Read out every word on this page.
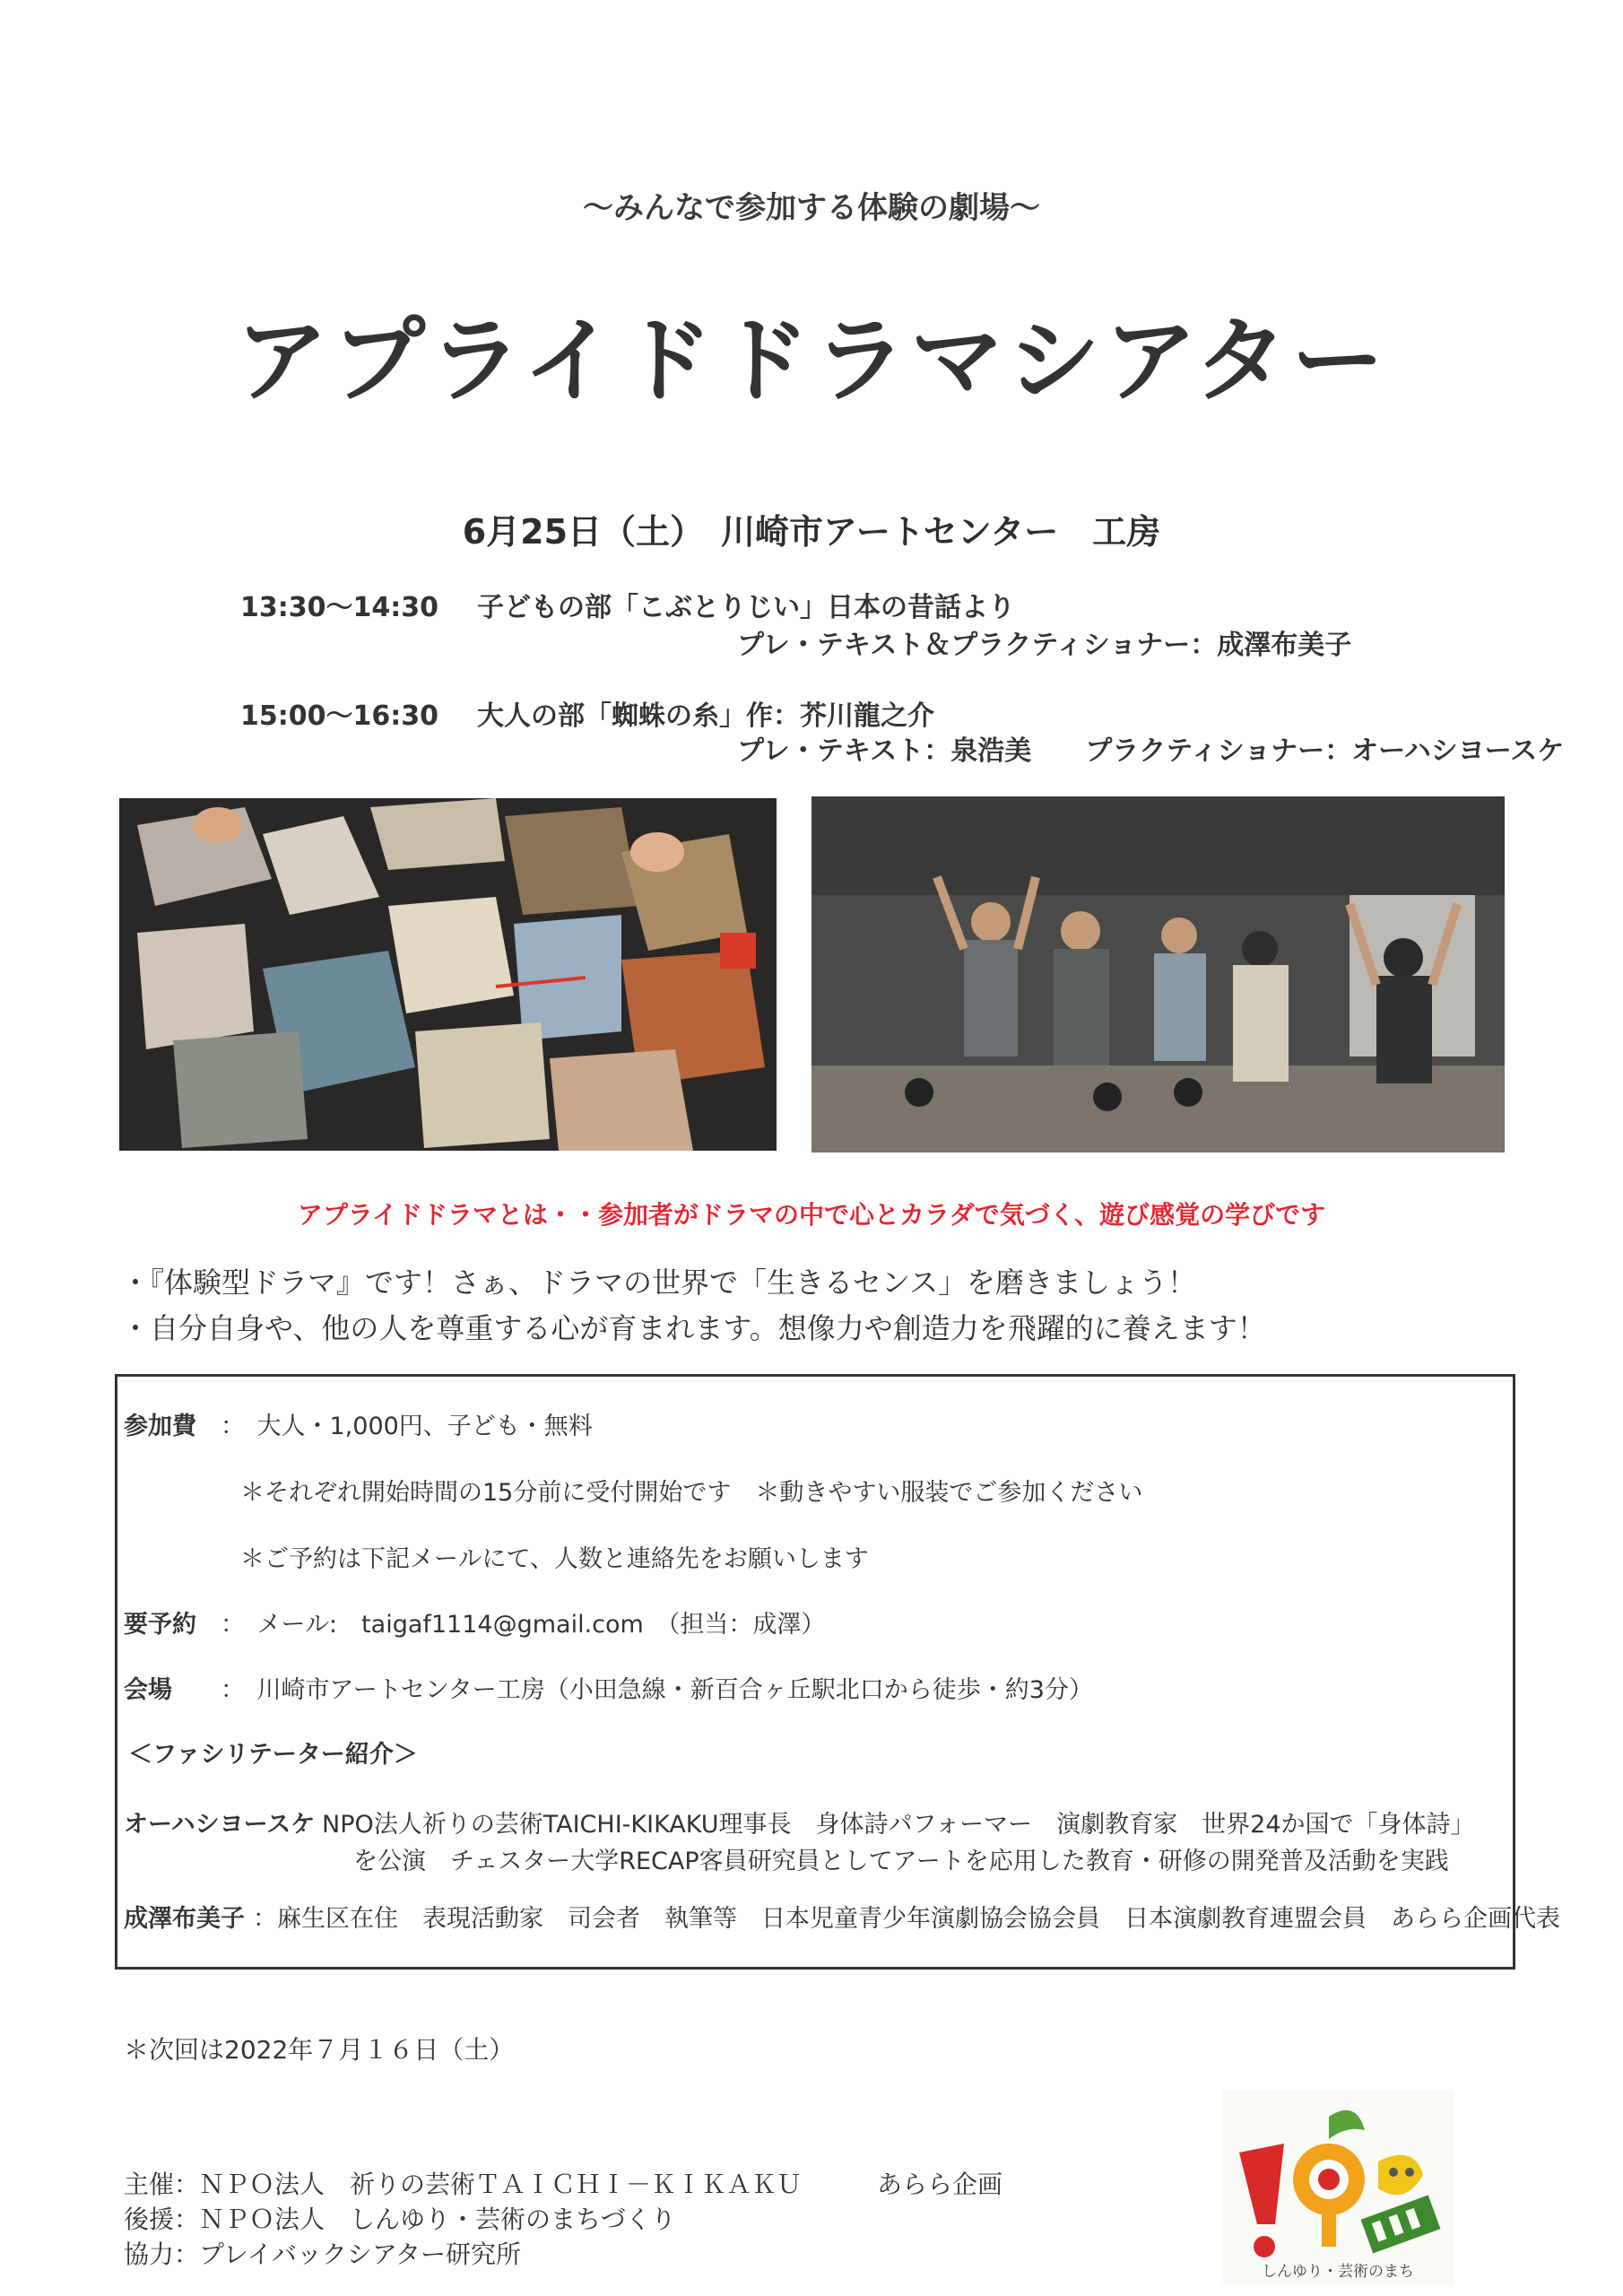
～みんなで参加する体験の劇場～
アプライドドラマシアター
6月25日（土）　川崎市アートセンター　工房
13:30～14:30 子どもの部「こぶとりじい」日本の昔話より
プレ・テキスト＆プラクティショナー：成澤布美子
15:00～16:30 大人の部「蜘蛛の糸」作：芥川龍之介
プレ・テキスト：泉浩美　　プラクティショナー：オーハシヨースケ
アプライドドラマとは・・参加者がドラマの中で心とカラダで気づく、遊び感覚の学びです
・『体験型ドラマ』です！さぁ、ドラマの世界で「生きるセンス」を磨きましょう！
・自分自身や、他の人を尊重する心が育まれます。想像力や創造力を飛躍的に養えます！
参加費 ：　大人・1,000円、子ども・無料
＊それぞれ開始時間の15分前に受付開始です　＊動きやすい服装でご参加ください
＊ご予約は下記メールにて、人数と連絡先をお願いします
要予約 ：　メール:　taigaf1114@gmail.com　（担当：成澤）
会場 ：　川崎市アートセンター工房（小田急線・新百合ヶ丘駅北口から徒歩・約3分）
＜ファシリテーター紹介＞
オーハシヨースケ
：NPO法人祈りの芸術TAICHI-KIKAKU理事長　身体詩パフォーマー　演劇教育家　世界24か国で「身体詩」
を公演　チェスター大学RECAP客員研究員としてアートを応用した教育・研修の開発普及活動を実践
成澤布美子 ：麻生区在住　表現活動家　司会者　執筆等　日本児童青少年演劇協会協会員　日本演劇教育連盟会員　あらら企画代表
＊次回は2022年７月１６日（土）
主催：ＮＰＯ法人　祈りの芸術ＴＡＩＣＨＩ－ＫＩＫＡＫＵ　　　あらら企画
後援：ＮＰＯ法人　しんゆり・芸術のまちづくり
協力：プレイバックシアター研究所
しんゆり・芸術のまち
